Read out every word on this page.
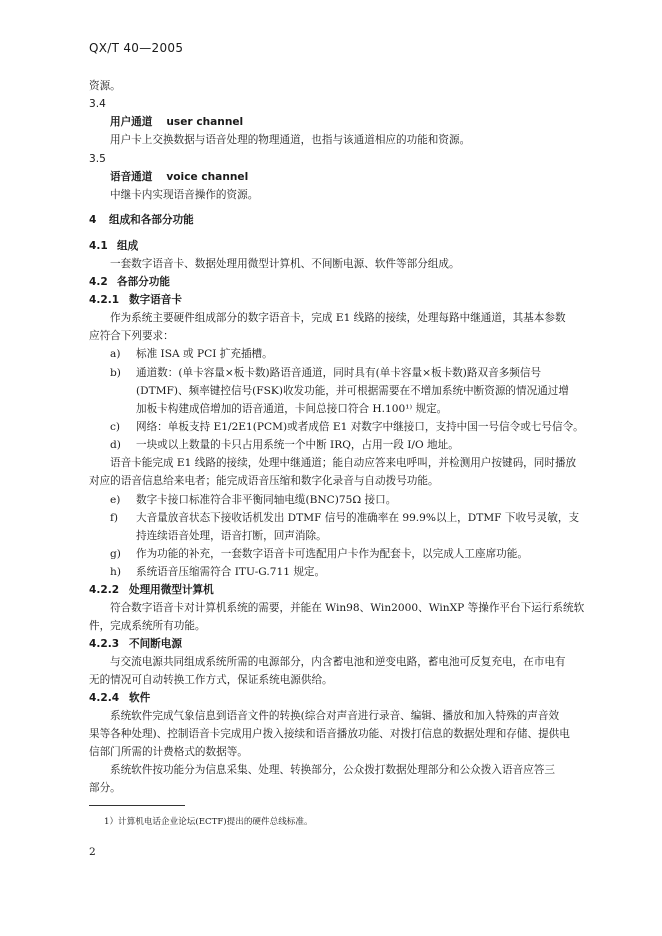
QX/T 40—2005
资源。
3.4
用户通道 user channel
用户卡上交换数据与语音处理的物理通道，也指与该通道相应的功能和资源。
3.5
语音通道 voice channel
中继卡内实现语音操作的资源。
4 组成和各部分功能
4.1 组成
一套数字语音卡、数据处理用微型计算机、不间断电源、软件等部分组成。
4.2 各部分功能
4.2.1 数字语音卡
作为系统主要硬件组成部分的数字语音卡，完成 E1 线路的接续，处理每路中继通道，其基本参数
应符合下列要求：
a) 标准 ISA 或 PCI 扩充插槽。
b) 通道数：(单卡容量×板卡数)路语音通道，同时具有(单卡容量×板卡数)路双音多频信号
(DTMF)、频率键控信号(FSK)收发功能，并可根据需要在不增加系统中断资源的情况通过增
加板卡构建成倍增加的语音通道，卡间总接口符合 H.100¹⁾ 规定。
c) 网络：单板支持 E1/2E1(PCM)或者成倍 E1 对数字中继接口，支持中国一号信令或七号信令。
d) 一块或以上数量的卡只占用系统一个中断 IRQ，占用一段 I/O 地址。
语音卡能完成 E1 线路的接续，处理中继通道；能自动应答来电呼叫，并检测用户按键码，同时播放
对应的语音信息给来电者；能完成语音压缩和数字化录音与自动拨号功能。
e) 数字卡接口标准符合非平衡同轴电缆(BNC)75Ω 接口。
f) 大音量放音状态下接收话机发出 DTMF 信号的准确率在 99.9%以上，DTMF 下收号灵敏，支
持连续语音处理，语音打断，回声消除。
g) 作为功能的补充，一套数字语音卡可选配用户卡作为配套卡，以完成人工座席功能。
h) 系统语音压缩需符合 ITU-G.711 规定。
4.2.2 处理用微型计算机
符合数字语音卡对计算机系统的需要，并能在 Win98、Win2000、WinXP 等操作平台下运行系统软
件，完成系统所有功能。
4.2.3 不间断电源
与交流电源共同组成系统所需的电源部分，内含蓄电池和逆变电路，蓄电池可反复充电，在市电有
无的情况可自动转换工作方式，保证系统电源供给。
4.2.4 软件
系统软件完成气象信息到语音文件的转换(综合对声音进行录音、编辑、播放和加入特殊的声音效
果等各种处理)、控制语音卡完成用户拨入接续和语音播放功能、对拨打信息的数据处理和存储、提供电
信部门所需的计费格式的数据等。
系统软件按功能分为信息采集、处理、转换部分，公众拨打数据处理部分和公众拨入语音应答三
部分。
1）计算机电话企业论坛(ECTF)提出的硬件总线标准。
2
